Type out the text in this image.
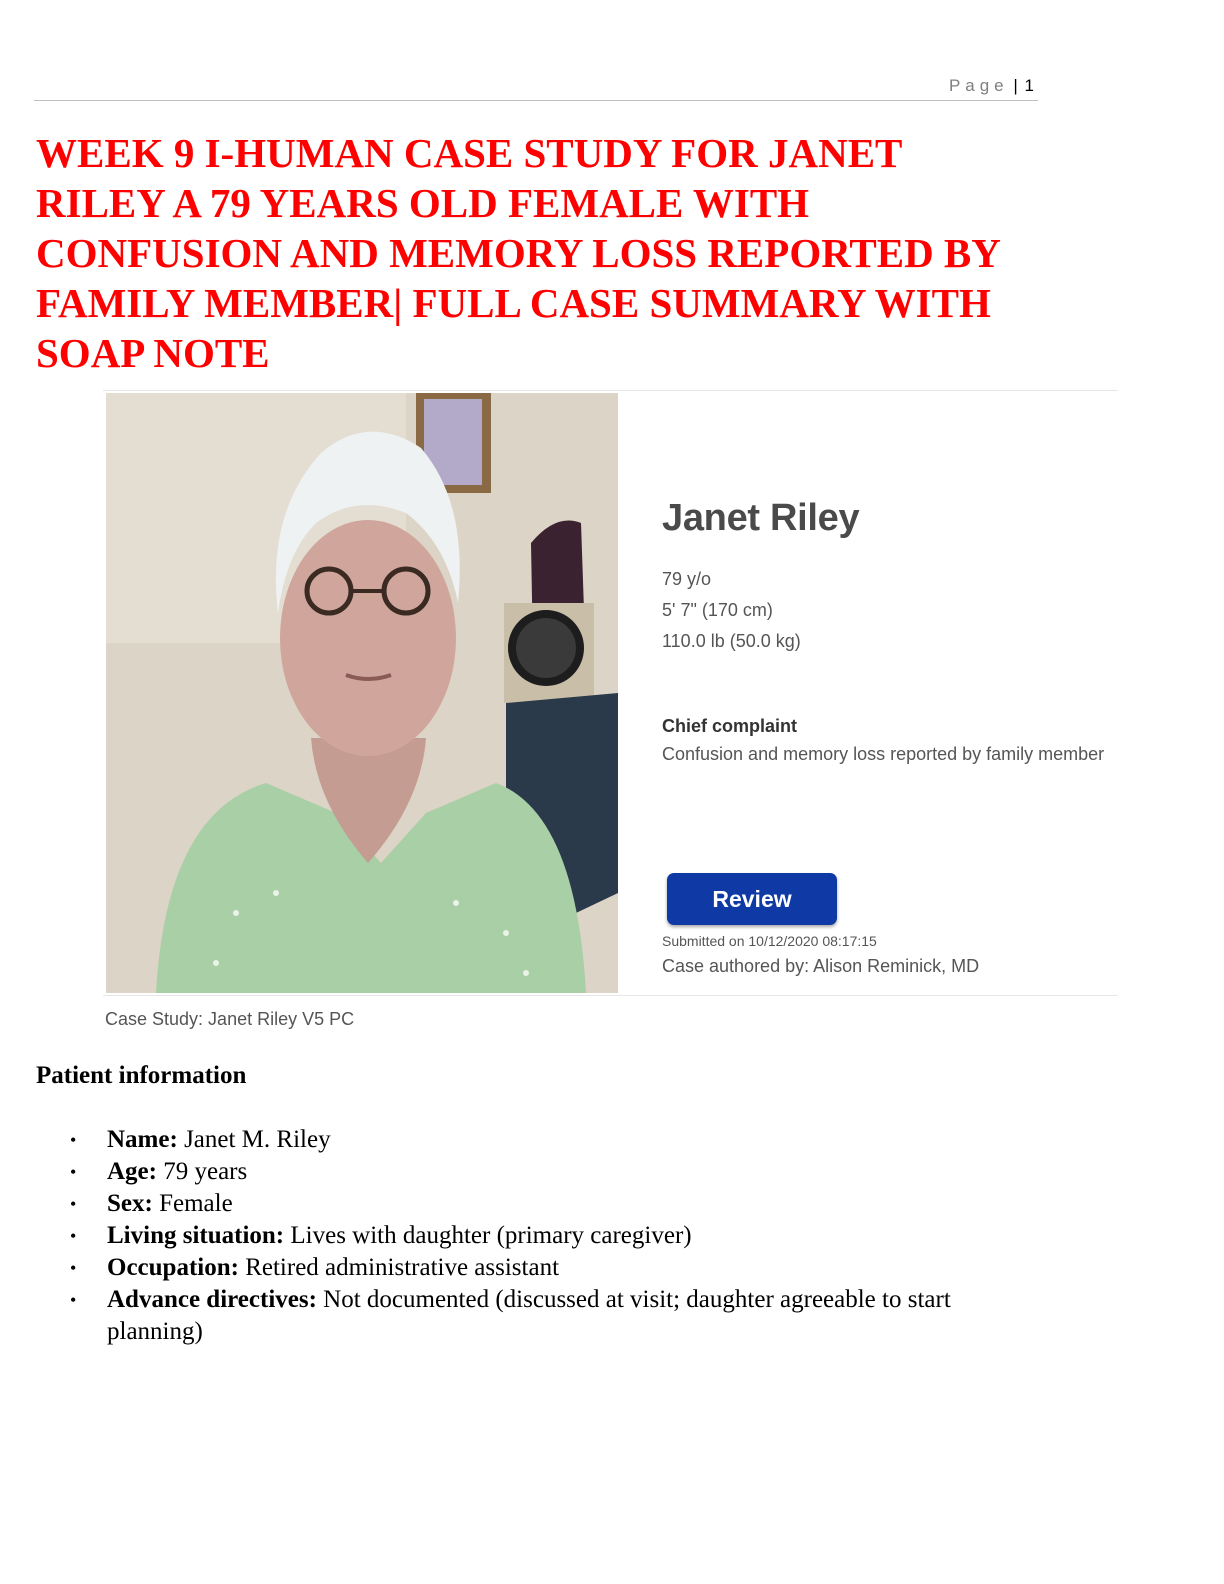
Page | 1
WEEK 9 I-HUMAN CASE STUDY FOR JANET RILEY A 79 YEARS OLD FEMALE WITH CONFUSION AND MEMORY LOSS REPORTED BY FAMILY MEMBER| FULL CASE SUMMARY WITH SOAP NOTE
Janet Riley
79 y/o
5' 7" (170 cm)
110.0 lb (50.0 kg)
Chief complaint
Confusion and memory loss reported by family member
Review
Submitted on 10/12/2020 08:17:15
Case authored by: Alison Reminick, MD
Case Study: Janet Riley V5 PC
Patient information
• Name: Janet M. Riley
• Age: 79 years
• Sex: Female
• Living situation: Lives with daughter (primary caregiver)
• Occupation: Retired administrative assistant
• Advance directives: Not documented (discussed at visit; daughter agreeable to start planning)
